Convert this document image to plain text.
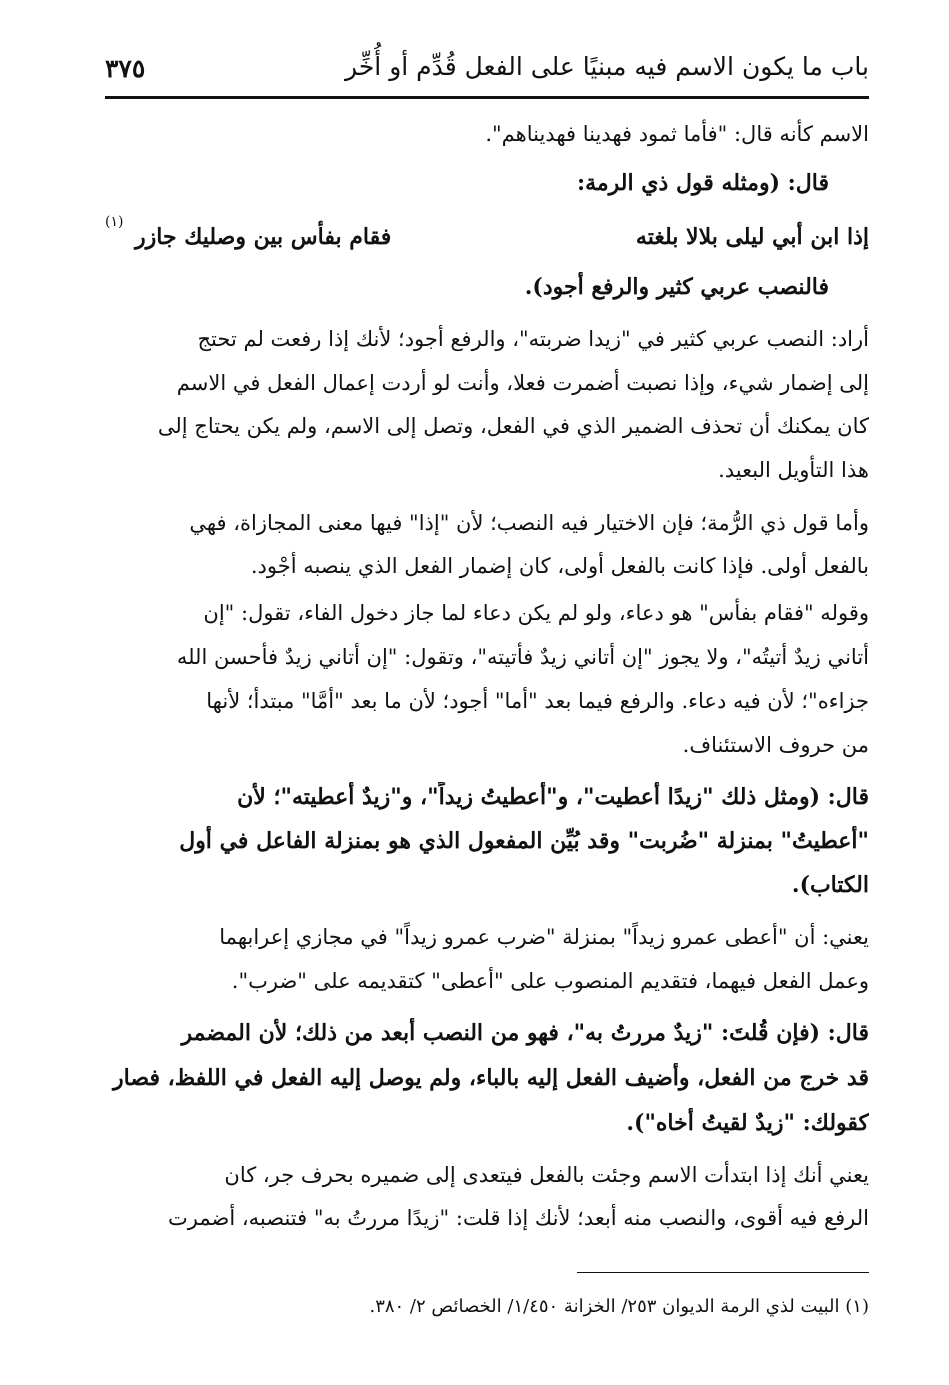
باب ما يكون الاسم فيه مبنيًا على الفعل قُدِّم أو أُخِّر
٣٧٥
الاسم كأنه قال: "فأما ثمود فهدينا فهديناهم".
قال: (ومثله قول ذي الرمة:
إذا ابن أبي ليلى بلالا بلغته
فقام بفأس بين وصليك جازر
(١)
فالنصب عربي كثير والرفع أجود).
أراد: النصب عربي كثير في "زيدا ضربته"، والرفع أجود؛ لأنك إذا رفعت لم تحتج
إلى إضمار شيء، وإذا نصبت أضمرت فعلا، وأنت لو أردت إعمال الفعل في الاسم
كان يمكنك أن تحذف الضمير الذي في الفعل، وتصل إلى الاسم، ولم يكن يحتاج إلى
هذا التأويل البعيد.
وأما قول ذي الرُّمة؛ فإن الاختيار فيه النصب؛ لأن "إذا" فيها معنى المجازاة، فهي
بالفعل أولى. فإذا كانت بالفعل أولى، كان إضمار الفعل الذي ينصبه أجْود.
وقوله "فقام بفأس" هو دعاء، ولو لم يكن دعاء لما جاز دخول الفاء، تقول: "إن
أتاني زيدٌ أتيتُه"، ولا يجوز "إن أتاني زيدٌ فأتيته"، وتقول: "إن أتاني زيدٌ فأحسن الله
جزاءه"؛ لأن فيه دعاء. والرفع فيما بعد "أما" أجود؛ لأن ما بعد "أمَّا" مبتدأ؛ لأنها
من حروف الاستئناف.
قال: (ومثل ذلك "زيدًا أعطيت"، و"أُعطيتُ زيداً"، و"زيدٌ أعطيته"؛ لأن
"أعطيتُ" بمنزلة "ضُربت" وقد بُيِّن المفعول الذي هو بمنزلة الفاعل في أول
الكتاب).
يعني: أن "أعطى عمرو زيداً" بمنزلة "ضرب عمرو زيداً" في مجازي إعرابهما
وعمل الفعل فيهما، فتقديم المنصوب على "أعطى" كتقديمه على "ضرب".
قال: (فإن قُلتَ: "زيدٌ مررتُ به"، فهو من النصب أبعد من ذلك؛ لأن المضمر
قد خرج من الفعل، وأضيف الفعل إليه بالباء، ولم يوصل إليه الفعل في اللفظ، فصار
كقولك: "زيدٌ لقيتُ أخاه").
يعني أنك إذا ابتدأت الاسم وجئت بالفعل فيتعدى إلى ضميره بحرف جر، كان
الرفع فيه أقوى، والنصب منه أبعد؛ لأنك إذا قلت: "زيدًا مررتُ به" فتنصبه، أضمرت
(١) البيت لذي الرمة الديوان ٢٥٣/ الخزانة ١/٤٥٠/ الخصائص ٢/ ٣٨٠.
